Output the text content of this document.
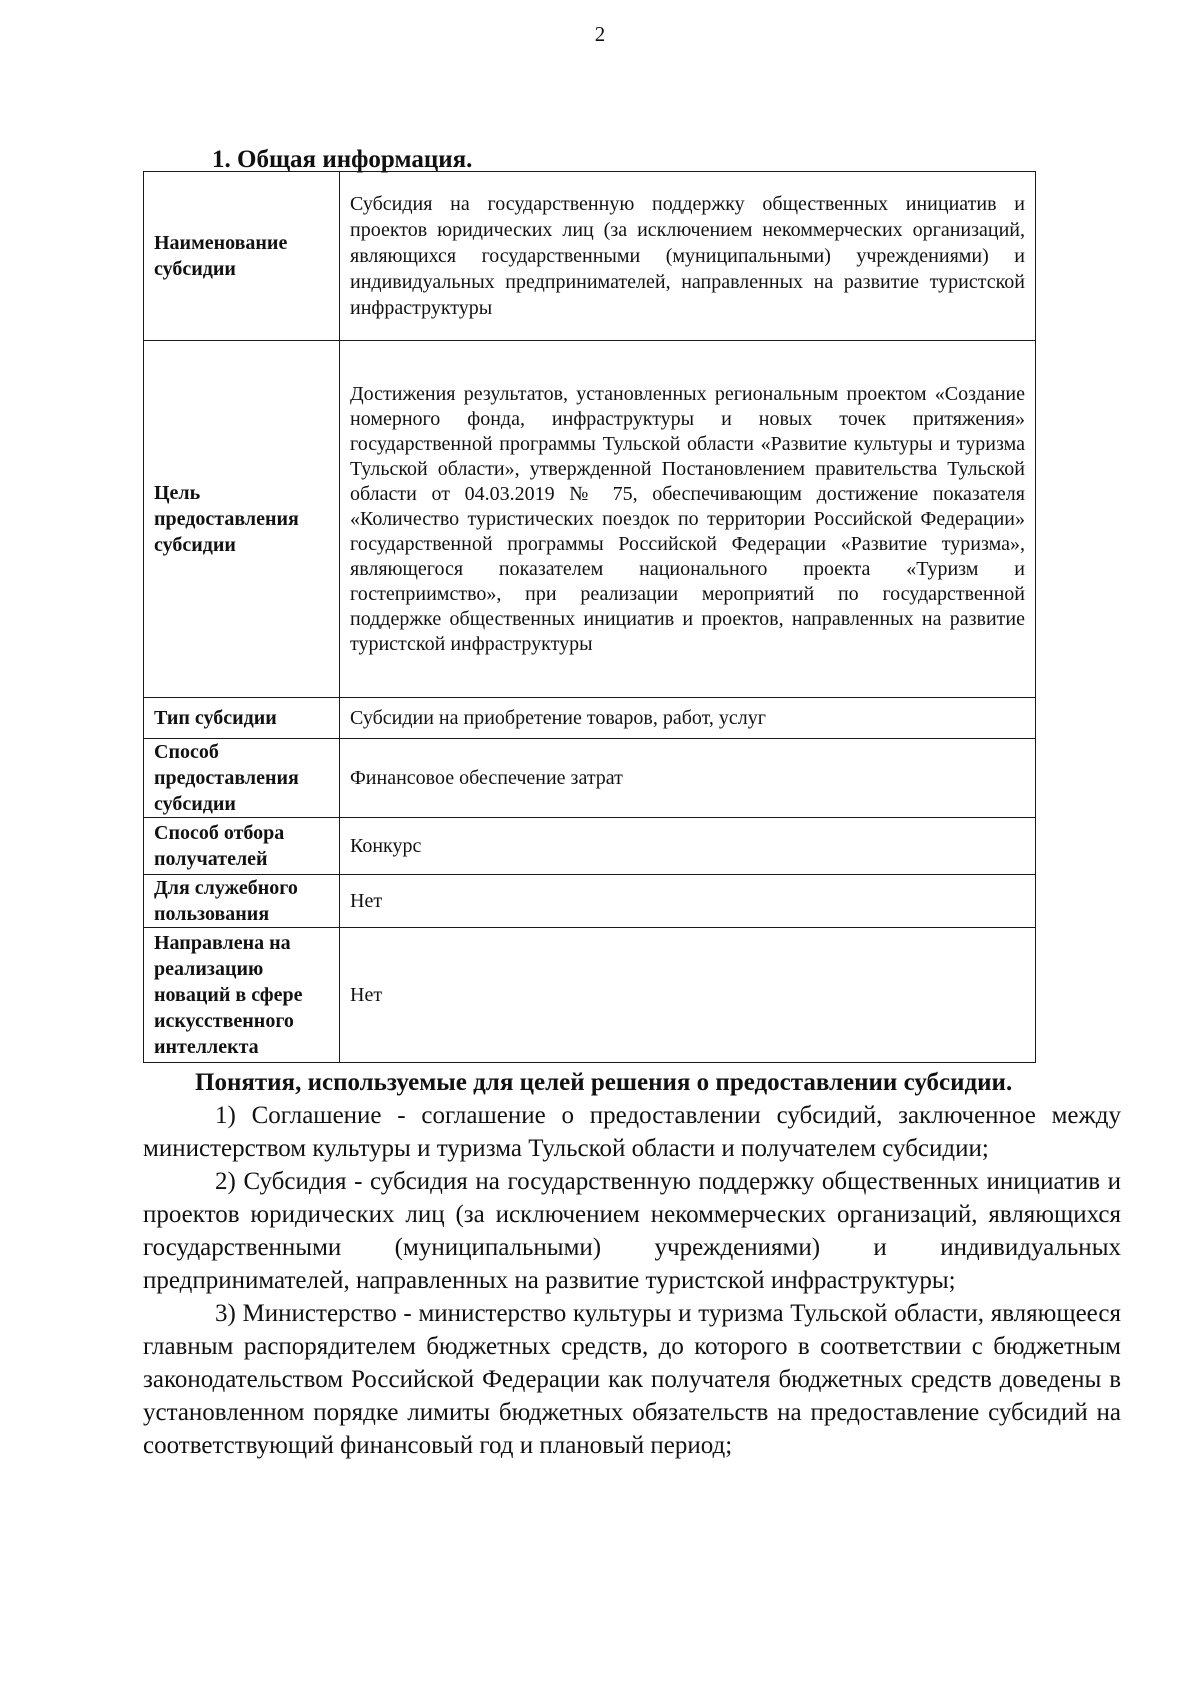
2
1. Общая информация.
Наименование субсидии	Субсидия на государственную поддержку общественных инициатив и проектов юридических лиц (за исключением некоммерческих организаций, являющихся государственными (муниципальными) учреждениями) и индивидуальных предпринимателей, направленных на развитие туристской инфраструктуры
Цель предоставления субсидии	Достижения результатов, установленных региональным проектом «Создание номерного фонда, инфраструктуры и новых точек притяжения» государственной программы Тульской области «Развитие культуры и туризма Тульской области», утвержденной Постановлением правительства Тульской области от 04.03.2019 № 75, обеспечивающим достижение показателя «Количество туристических поездок по территории Российской Федерации» государственной программы Российской Федерации «Развитие туризма», являющегося показателем национального проекта «Туризм и гостеприимство», при реализации мероприятий по государственной поддержке общественных инициатив и проектов, направленных на развитие туристской инфраструктуры
Тип субсидии	Субсидии на приобретение товаров, работ, услуг
Способ предоставления субсидии	Финансовое обеспечение затрат
Способ отбора получателей	Конкурс
Для служебного пользования	Нет
Направлена на реализацию новаций в сфере искусственного интеллекта	Нет

Понятия, используемые для целей решения о предоставлении субсидии.

1) Соглашение - соглашение о предоставлении субсидий, заключенное между министерством культуры и туризма Тульской области и получателем субсидии;

2) Субсидия - субсидия на государственную поддержку общественных инициатив и проектов юридических лиц (за исключением некоммерческих организаций, являющихся государственными (муниципальными) учреждениями) и индивидуальных предпринимателей, направленных на развитие туристской инфраструктуры;

3) Министерство - министерство культуры и туризма Тульской области, являющееся главным распорядителем бюджетных средств, до которого в соответствии с бюджетным законодательством Российской Федерации как получателя бюджетных средств доведены в установленном порядке лимиты бюджетных обязательств на предоставление субсидий на соответствующий финансовый год и плановый период;
